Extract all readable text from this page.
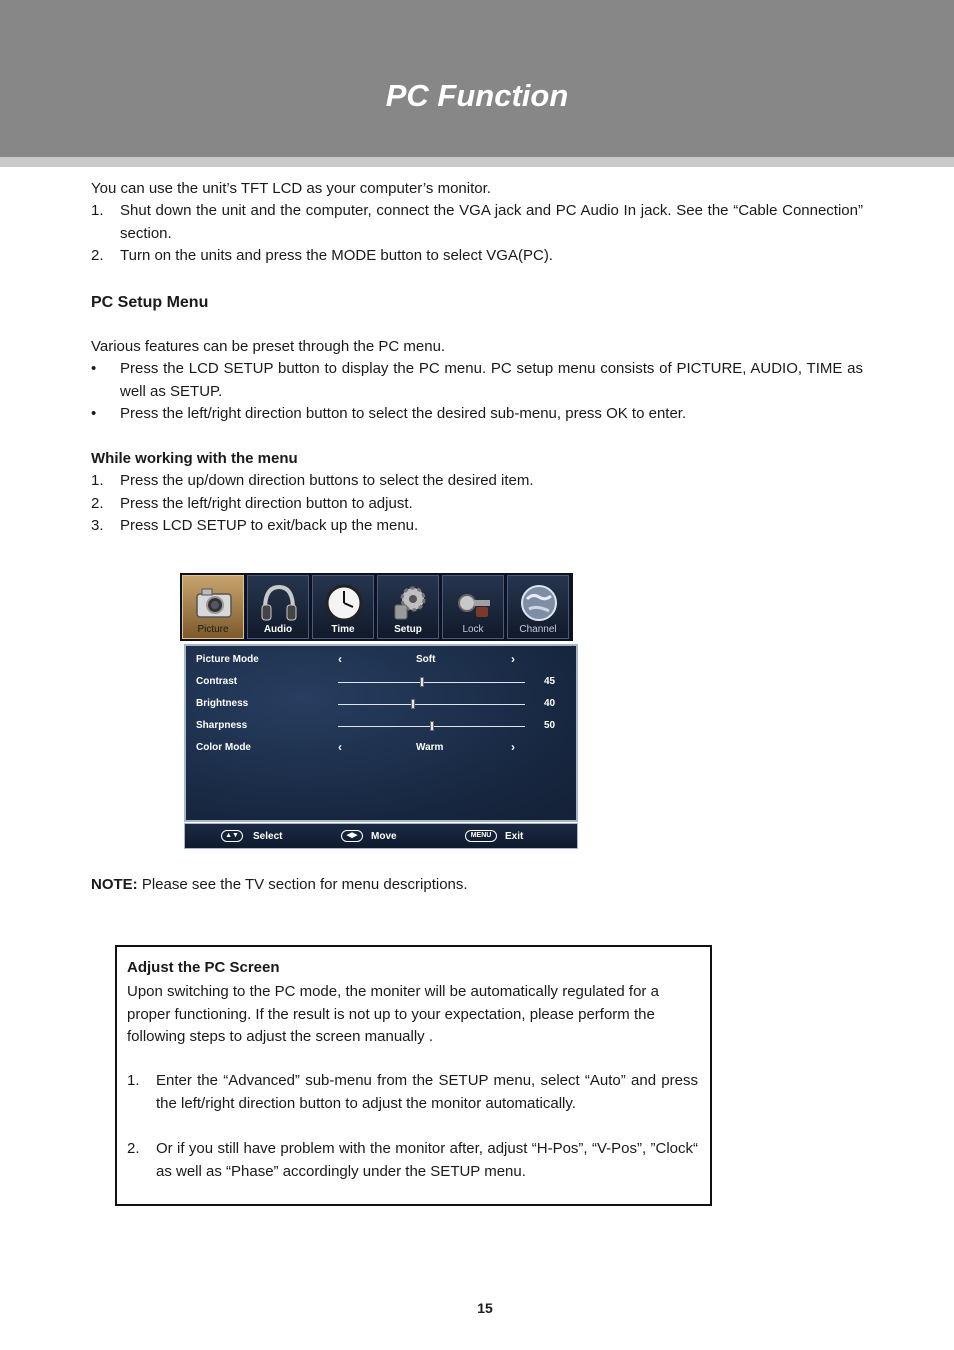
PC Function
You can use the unit’s TFT LCD as your computer’s monitor.
1. Shut down the unit and the computer, connect the VGA jack and PC Audio In jack. See the “Cable Connection” section.
2. Turn on the units and press the MODE button to select VGA(PC).
PC Setup Menu
Various features can be preset through the PC menu.
• Press the LCD SETUP button to display the PC menu. PC setup menu consists of PICTURE, AUDIO, TIME as well as SETUP.
• Press the left/right direction button to select the desired sub-menu, press OK to enter.
While working with the menu
1. Press the up/down direction buttons to select the desired item.
2. Press the left/right direction button to adjust.
3. Press LCD SETUP to exit/back up the menu.
Picture	Audio	Time	Setup	Lock	Channel
Picture Mode	‹	Soft	›
Contrast	45
Brightness	40
Sharpness	50
Color Mode	‹	Warm	›
▲▼	Select	◀▶	Move	MENU	Exit
NOTE: Please see the TV section for menu descriptions.
Adjust the PC Screen
Upon switching to the PC mode, the moniter will be automatically regulated for a proper functioning. If the result is not up to your expectation, please perform the following steps to adjust the screen manually .
1. Enter the “Advanced” sub-menu from the SETUP menu, select “Auto” and press the left/right direction button to adjust the monitor automatically.
2. Or if you still have problem with the monitor after, adjust “H-Pos”, “V-Pos”, ”Clock“ as well as “Phase” accordingly under the SETUP menu.
15
